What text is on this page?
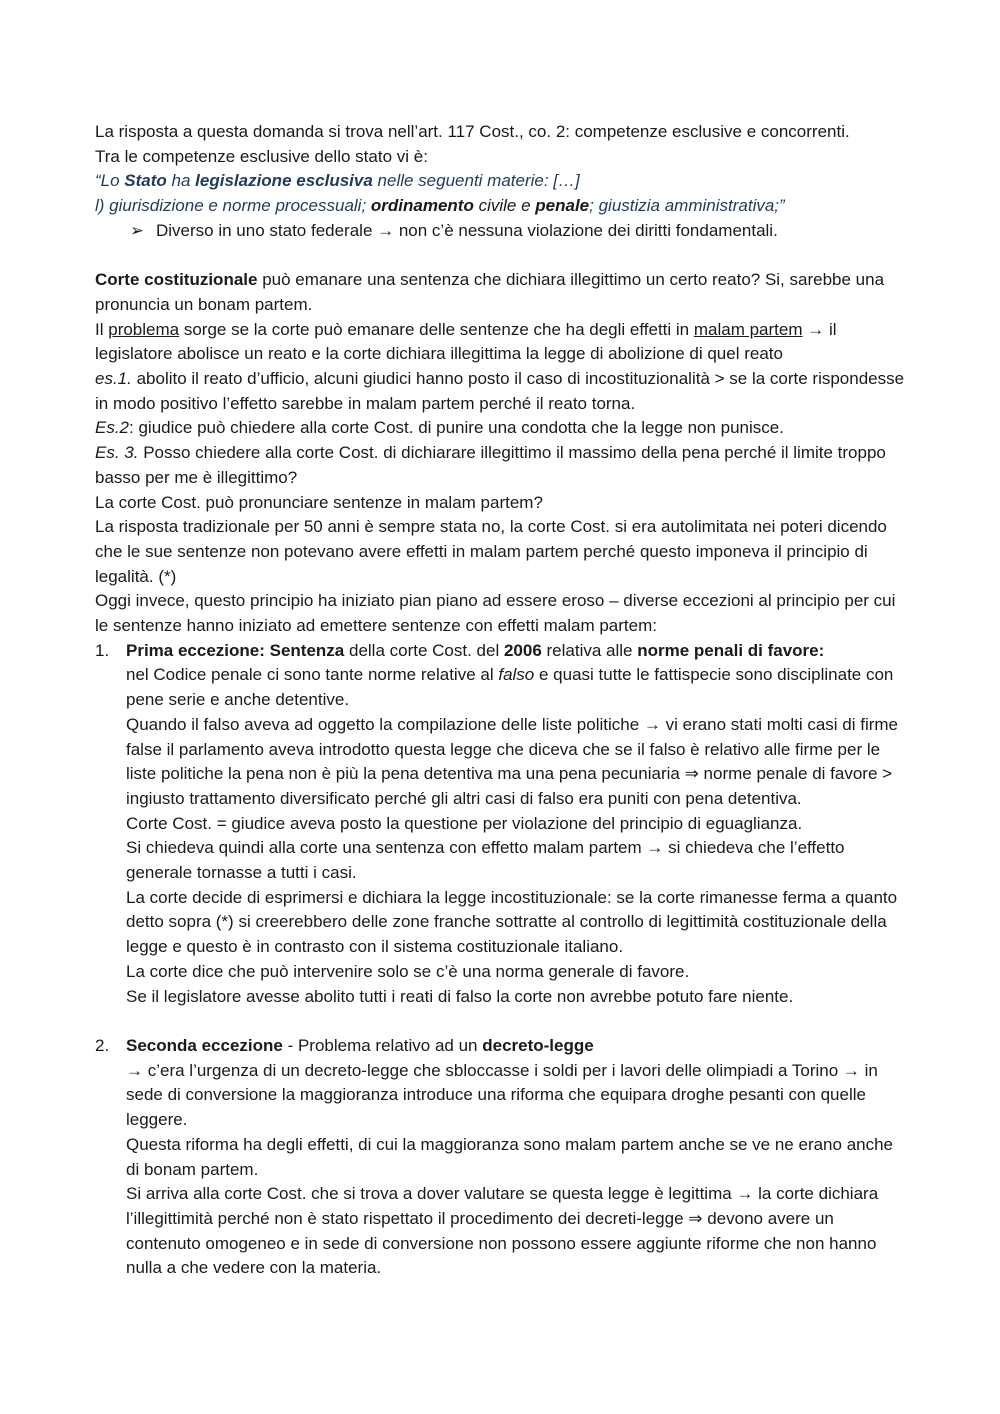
La risposta a questa domanda si trova nell’art. 117 Cost., co. 2: competenze esclusive e concorrenti.

Tra le competenze esclusive dello stato vi è:

“Lo Stato ha legislazione esclusiva nelle seguenti materie: […]

l) giurisdizione e norme processuali; ordinamento civile e penale; giustizia amministrativa;”

➢ Diverso in uno stato federale → non c’è nessuna violazione dei diritti fondamentali.

Corte costituzionale può emanare una sentenza che dichiara illegittimo un certo reato? Si, sarebbe una pronuncia un bonam partem.

Il problema sorge se la corte può emanare delle sentenze che ha degli effetti in malam partem → il legislatore abolisce un reato e la corte dichiara illegittima la legge di abolizione di quel reato

es.1. abolito il reato d’ufficio, alcuni giudici hanno posto il caso di incostituzionalità > se la corte rispondesse in modo positivo l’effetto sarebbe in malam partem perché il reato torna.

Es.2: giudice può chiedere alla corte Cost. di punire una condotta che la legge non punisce.

Es. 3. Posso chiedere alla corte Cost. di dichiarare illegittimo il massimo della pena perché il limite troppo basso per me è illegittimo?

La corte Cost. può pronunciare sentenze in malam partem?

La risposta tradizionale per 50 anni è sempre stata no, la corte Cost. si era autolimitata nei poteri dicendo che le sue sentenze non potevano avere effetti in malam partem perché questo imponeva il principio di legalità. (*)

Oggi invece, questo principio ha iniziato pian piano ad essere eroso – diverse eccezioni al principio per cui le sentenze hanno iniziato ad emettere sentenze con effetti malam partem:

1. Prima eccezione: Sentenza della corte Cost. del 2006 relativa alle norme penali di favore:

nel Codice penale ci sono tante norme relative al falso e quasi tutte le fattispecie sono disciplinate con pene serie e anche detentive.

Quando il falso aveva ad oggetto la compilazione delle liste politiche → vi erano stati molti casi di firme false il parlamento aveva introdotto questa legge che diceva che se il falso è relativo alle firme per le liste politiche la pena non è più la pena detentiva ma una pena pecuniaria ⇒ norme penale di favore > ingiusto trattamento diversificato perché gli altri casi di falso era puniti con pena detentiva.

Corte Cost. = giudice aveva posto la questione per violazione del principio di eguaglianza.

Si chiedeva quindi alla corte una sentenza con effetto malam partem → si chiedeva che l’effetto generale tornasse a tutti i casi.

La corte decide di esprimersi e dichiara la legge incostituzionale: se la corte rimanesse ferma a quanto detto sopra (*) si creerebbero delle zone franche sottratte al controllo di legittimità costituzionale della legge e questo è in contrasto con il sistema costituzionale italiano.

La corte dice che può intervenire solo se c’è una norma generale di favore.

Se il legislatore avesse abolito tutti i reati di falso la corte non avrebbe potuto fare niente.

2. Seconda eccezione - Problema relativo ad un decreto-legge

→ c’era l’urgenza di un decreto-legge che sbloccasse i soldi per i lavori delle olimpiadi a Torino → in sede di conversione la maggioranza introduce una riforma che equipara droghe pesanti con quelle leggere.

Questa riforma ha degli effetti, di cui la maggioranza sono malam partem anche se ve ne erano anche di bonam partem.

Si arriva alla corte Cost. che si trova a dover valutare se questa legge è legittima → la corte dichiara l’illegittimità perché non è stato rispettato il procedimento dei decreti-legge ⇒ devono avere un contenuto omogeneo e in sede di conversione non possono essere aggiunte riforme che non hanno nulla a che vedere con la materia.
